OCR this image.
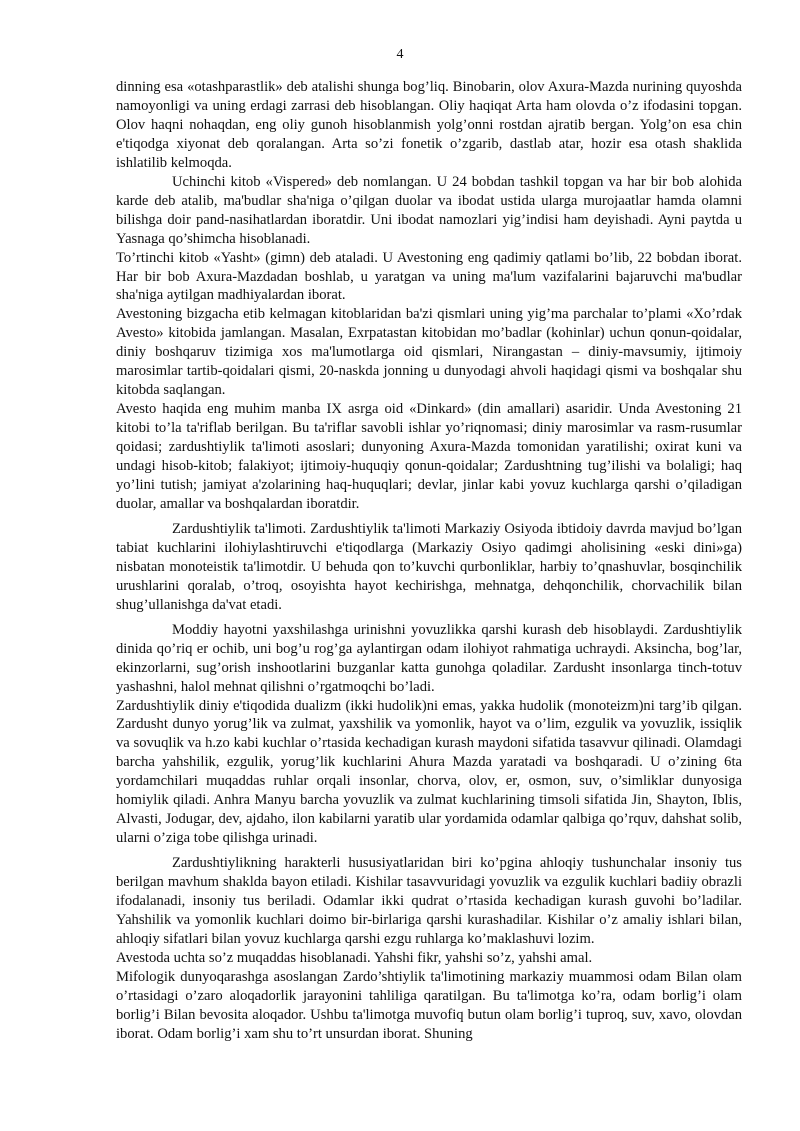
4

dinning esa «otashparastlik» deb atalishi shunga bog’liq. Binobarin, olov Axura-Mazda nurining quyoshda namoyonligi va uning erdagi zarrasi deb hisoblangan. Oliy haqiqat Arta ham olovda o’z ifodasini topgan. Olov haqni nohaqdan, eng oliy gunoh hisoblanmish yolg’onni rostdan ajratib bergan. Yolg’on esa chin e'tiqodga xiyonat deb qoralangan. Arta so’zi fonetik o’zgarib, dastlab atar, hozir esa otash shaklida ishlatilib kelmoqda.

Uchinchi kitob «Vispered» deb nomlangan. U 24 bobdan tashkil topgan va har bir bob alohida karde deb atalib, ma'budlar sha'niga o’qilgan duolar va ibodat ustida ularga murojaatlar hamda olamni bilishga doir pand-nasihatlardan iboratdir. Uni ibodat namozlari yig’indisi ham deyishadi. Ayni paytda u Yasnaga qo’shimcha hisoblanadi.

To’rtinchi kitob «Yasht» (gimn) deb ataladi. U Avestoning eng qadimiy qatlami bo’lib, 22 bobdan iborat. Har bir bob Axura-Mazdadan boshlab, u yaratgan va uning ma'lum vazifalarini bajaruvchi ma'budlar sha'niga aytilgan madhiyalardan iborat.

Avestoning bizgacha etib kelmagan kitoblaridan ba'zi qismlari uning yig’ma parchalar to’plami «Xo’rdak Avesto» kitobida jamlangan. Masalan, Exrpatastan kitobidan mo’badlar (kohinlar) uchun qonun-qoidalar, diniy boshqaruv tizimiga xos ma'lumotlarga oid qismlari, Nirangastan – diniy-mavsumiy, ijtimoiy marosimlar tartib-qoidalari qismi, 20-naskda jonning u dunyodagi ahvoli haqidagi qismi va boshqalar shu kitobda saqlangan.

Avesto haqida eng muhim manba IX asrga oid «Dinkard» (din amallari) asaridir. Unda Avestoning 21 kitobi to’la ta'riflab berilgan. Bu ta'riflar savobli ishlar yo’riqnomasi; diniy marosimlar va rasm-rusumlar qoidasi; zardushtiylik ta'limoti asoslari; dunyoning Axura-Mazda tomonidan yaratilishi; oxirat kuni va undagi hisob-kitob; falakiyot; ijtimoiy-huquqiy qonun-qoidalar; Zardushtning tug’ilishi va bolaligi; haq yo’lini tutish; jamiyat a'zolarining haq-huquqlari; devlar, jinlar kabi yovuz kuchlarga qarshi o’qiladigan duolar, amallar va boshqalardan iboratdir.

Zardushtiylik ta'limoti. Zardushtiylik ta'limoti Markaziy Osiyoda ibtidoiy davrda mavjud bo’lgan tabiat kuchlarini ilohiylashtiruvchi e'tiqodlarga (Markaziy Osiyo qadimgi aholisining «eski dini»ga) nisbatan monoteistik ta'limotdir. U behuda qon to’kuvchi qurbonliklar, harbiy to’qnashuvlar, bosqinchilik urushlarini qoralab, o’troq, osoyishta hayot kechirishga, mehnatga, dehqonchilik, chorvachilik bilan shug’ullanishga da'vat etadi.

Moddiy hayotni yaxshilashga urinishni yovuzlikka qarshi kurash deb hisoblaydi. Zardushtiylik dinida qo’riq er ochib, uni bog’u rog’ga aylantirgan odam ilohiyot rahmatiga uchraydi. Aksincha, bog’lar, ekinzorlarni, sug’orish inshootlarini buzganlar katta gunohga qoladilar. Zardusht insonlarga tinch-totuv yashashni, halol mehnat qilishni o’rgatmoqchi bo’ladi.

Zardushtiylik diniy e'tiqodida dualizm (ikki hudolik)ni emas, yakka hudolik (monoteizm)ni targ’ib qilgan. Zardusht dunyo yorug’lik va zulmat, yaxshilik va yomonlik, hayot va o’lim, ezgulik va yovuzlik, issiqlik va sovuqlik va h.zo kabi kuchlar o’rtasida kechadigan kurash maydoni sifatida tasavvur qilinadi. Olamdagi barcha yahshilik, ezgulik, yorug’lik kuchlarini Ahura Mazda yaratadi va boshqaradi. U o’zining 6ta yordamchilari muqaddas ruhlar orqali insonlar, chorva, olov, er, osmon, suv, o’simliklar dunyosiga homiylik qiladi. Anhra Manyu barcha yovuzlik va zulmat kuchlarining timsoli sifatida Jin, Shayton, Iblis, Alvasti, Jodugar, dev, ajdaho, ilon kabilarni yaratib ular yordamida odamlar qalbiga qo’rquv, dahshat solib, ularni o’ziga tobe qilishga urinadi.

Zardushtiylikning harakterli hususiyatlaridan biri ko’pgina ahloqiy tushunchalar insoniy tus berilgan mavhum shaklda bayon etiladi. Kishilar tasavvuridagi yovuzlik va ezgulik kuchlari badiiy obrazli ifodalanadi, insoniy tus beriladi. Odamlar ikki qudrat o’rtasida kechadigan kurash guvohi bo’ladilar. Yahshilik va yomonlik kuchlari doimo bir-birlariga qarshi kurashadilar. Kishilar o’z amaliy ishlari bilan, ahloqiy sifatlari bilan yovuz kuchlarga qarshi ezgu ruhlarga ko’maklashuvi lozim.

Avestoda uchta so’z muqaddas hisoblanadi. Yahshi fikr, yahshi so’z, yahshi amal.

Mifologik dunyoqarashga asoslangan Zardo’shtiylik ta'limotining markaziy muammosi odam Bilan olam o’rtasidagi o’zaro aloqadorlik jarayonini tahliliga qaratilgan. Bu ta'limotga ko’ra, odam borlig’i olam borlig’i Bilan bevosita aloqador. Ushbu ta'limotga muvofiq butun olam borlig’i tuproq, suv, xavo, olovdan iborat. Odam borlig’i xam shu to’rt unsurdan iborat. Shuning
